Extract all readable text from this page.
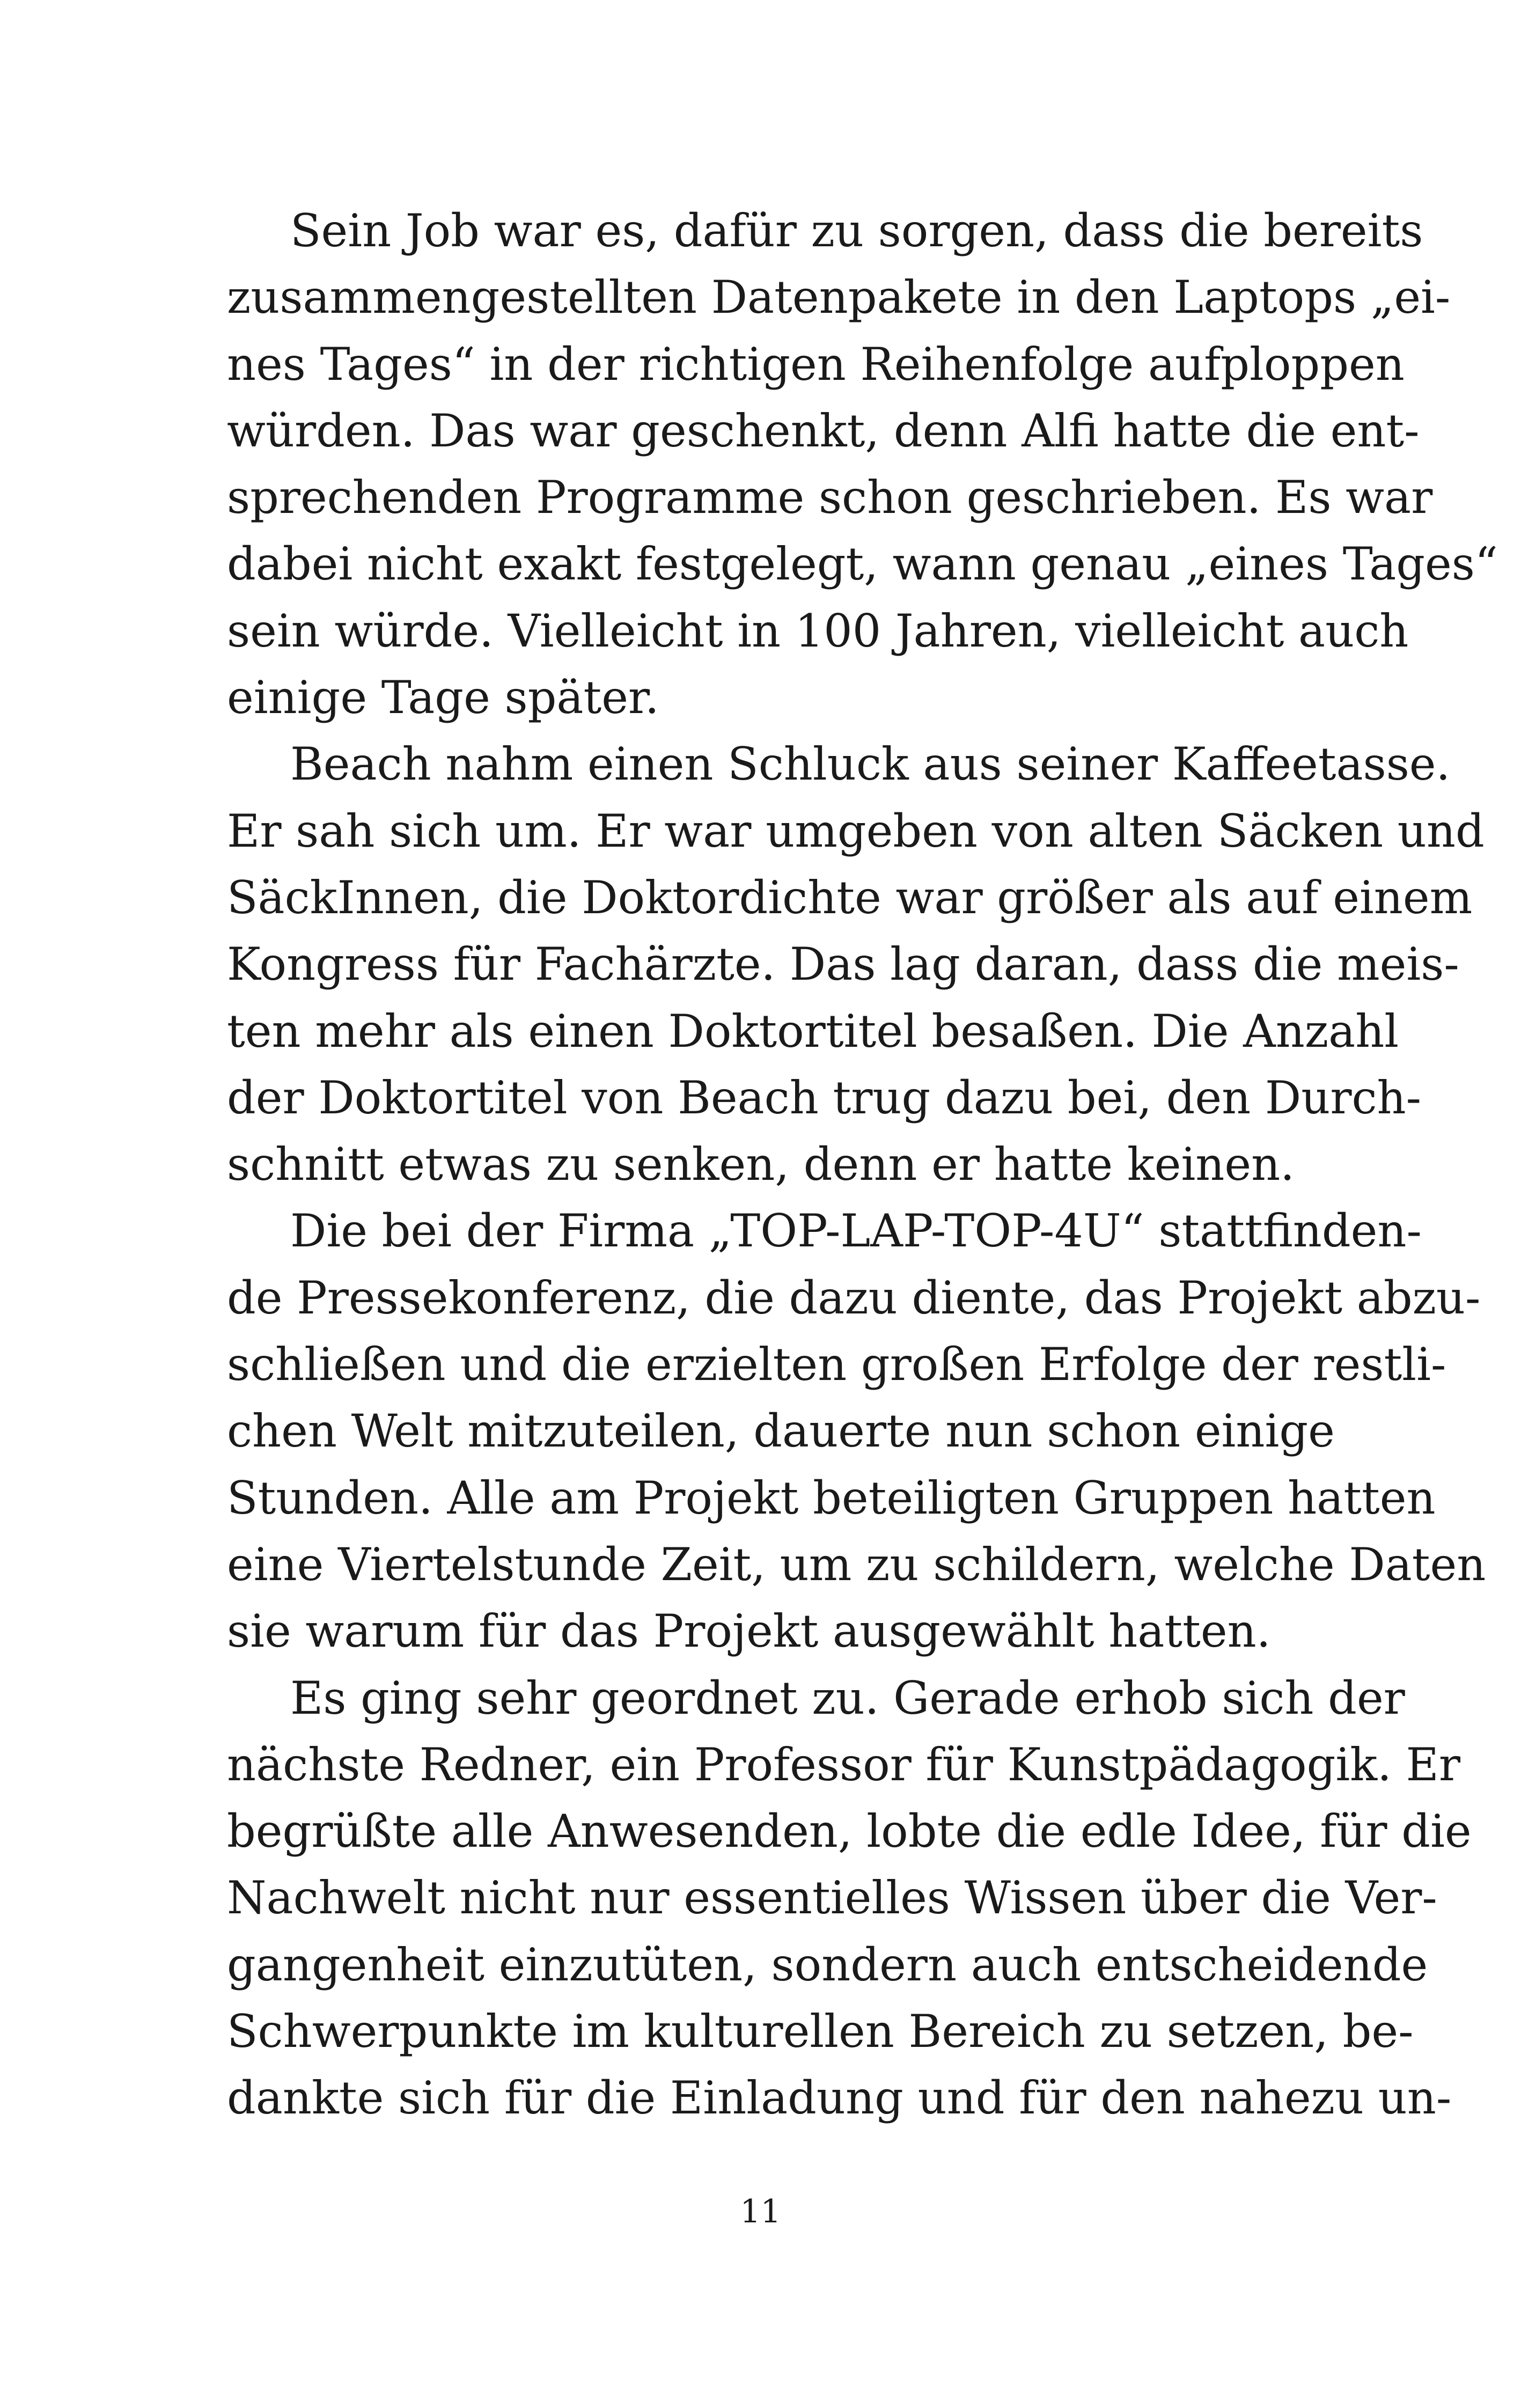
Sein Job war es, dafür zu sorgen, dass die bereits
zusammengestellten Datenpakete in den Laptops „ei-
nes Tages“ in der richtigen Reihenfolge aufploppen
würden. Das war geschenkt, denn Alfi hatte die ent-
sprechenden Programme schon geschrieben. Es war
dabei nicht exakt festgelegt, wann genau „eines Tages“
sein würde. Vielleicht in 100 Jahren, vielleicht auch
einige Tage später.

Beach nahm einen Schluck aus seiner Kaffeetasse.
Er sah sich um. Er war umgeben von alten Säcken und
SäckInnen, die Doktordichte war größer als auf einem
Kongress für Fachärzte. Das lag daran, dass die meis-
ten mehr als einen Doktortitel besaßen. Die Anzahl
der Doktortitel von Beach trug dazu bei, den Durch-
schnitt etwas zu senken, denn er hatte keinen.

Die bei der Firma „TOP-LAP-TOP-4U“ stattfinden-
de Pressekonferenz, die dazu diente, das Projekt abzu-
schließen und die erzielten großen Erfolge der restli-
chen Welt mitzuteilen, dauerte nun schon einige
Stunden. Alle am Projekt beteiligten Gruppen hatten
eine Viertelstunde Zeit, um zu schildern, welche Daten
sie warum für das Projekt ausgewählt hatten.

Es ging sehr geordnet zu. Gerade erhob sich der
nächste Redner, ein Professor für Kunstpädagogik. Er
begrüßte alle Anwesenden, lobte die edle Idee, für die
Nachwelt nicht nur essentielles Wissen über die Ver-
gangenheit einzutüten, sondern auch entscheidende
Schwerpunkte im kulturellen Bereich zu setzen, be-
dankte sich für die Einladung und für den nahezu un-

11
